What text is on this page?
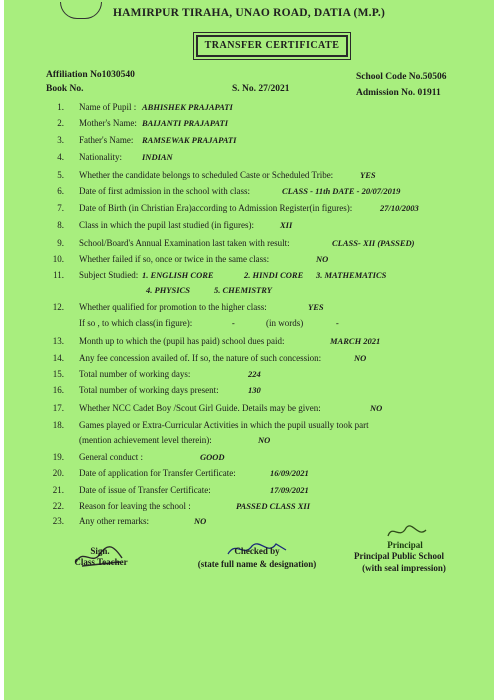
HAMIRPUR TIRAHA, UNAO ROAD, DATIA (M.P.)
TRANSFER CERTIFICATE
Affiliation No1030540
Book No.	S. No. 27/2021
School Code No.50506
Admission No. 01911
1. Name of Pupil : ABHISHEK PRAJAPATI
2. Mother's Name: BAIJANTI PRAJAPATI
3. Father's Name: RAMSEWAK PRAJAPATI
4. Nationality: INDIAN
5. Whether the candidate belongs to scheduled Caste or Scheduled Tribe:	YES
6. Date of first admission in the school with class:	CLASS - 11th DATE - 20/07/2019
7. Date of Birth (in Christian Era)according to Admission Register(in figures):	27/10/2003
8. Class in which the pupil last studied (in figures):	XII
9. School/Board's Annual Examination last taken with result:	CLASS- XII (PASSED)
10. Whether failed if so, once or twice in the same class:	NO
11. Subject Studied: 1. ENGLISH CORE	2. HINDI CORE 3. MATHEMATICS
4. PHYSICS	5. CHEMISTRY
12. Whether qualified for promotion to the higher class:	YES
If so , to which class(in figure):	-	(in words)	-
13. Month up to which the (pupil has paid) school dues paid:	MARCH 2021
14. Any fee concession availed of. If so, the nature of such concession:	NO
15. Total number of working days:	224
16. Total number of working days present:	130
17. Whether NCC Cadet Boy /Scout Girl Guide. Details may be given:	NO
18. Games played or Extra-Curricular Activities in which the pupil usually took part
(mention achievement level therein):	NO
19. General conduct :	GOOD
20. Date of application for Transfer Certificate:	16/09/2021
21. Date of issue of Transfer Certificate:	17/09/2021
22. Reason for leaving the school :	PASSED CLASS XII
23. Any other remarks:	NO
Sign.
Class Teacher
Checked by
(state full name & designation)
Principal
Principal Public School
(with seal impression)
